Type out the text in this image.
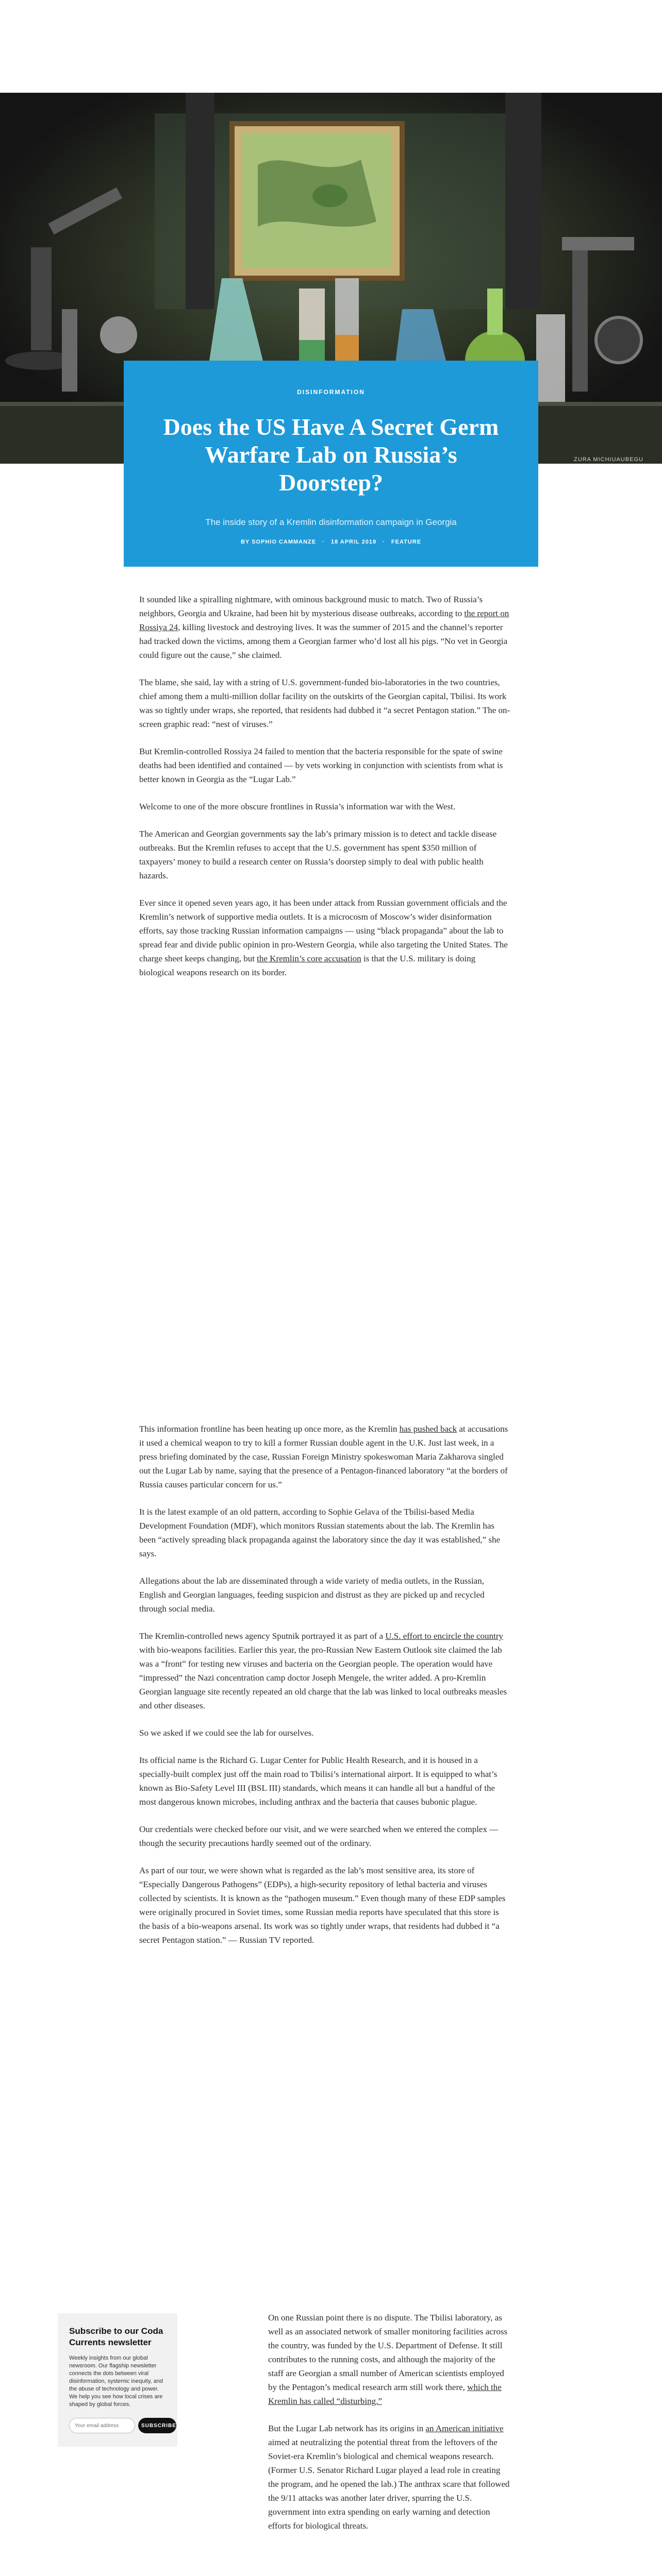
ZURA MICHIUAUBEGU
DISINFORMATION
Does the US Have A Secret Germ Warfare Lab on Russia’s Doorstep?
The inside story of a Kremlin disinformation campaign in Georgia
BY SOPHIO CAMMANZE · 18 APRIL 2018 · FEATURE

It sounded like a spiralling nightmare, with ominous background music to match. Two of Russia’s neighbors, Georgia and Ukraine, had been hit by mysterious disease outbreaks, according to the report on Rossiya 24, killing livestock and destroying lives. It was the summer of 2015 and the channel’s reporter had tracked down the victims, among them a Georgian farmer who’d lost all his pigs. “No vet in Georgia could figure out the cause,” she claimed.

The blame, she said, lay with a string of U.S. government-funded bio-laboratories in the two countries, chief among them a multi-million dollar facility on the outskirts of the Georgian capital, Tbilisi. Its work was so tightly under wraps, she reported, that residents had dubbed it “a secret Pentagon station.” The on-screen graphic read: “nest of viruses.”

But Kremlin-controlled Rossiya 24 failed to mention that the bacteria responsible for the spate of swine deaths had been identified and contained — by vets working in conjunction with scientists from what is better known in Georgia as the “Lugar Lab.”

Welcome to one of the more obscure frontlines in Russia’s information war with the West.

The American and Georgian governments say the lab’s primary mission is to detect and tackle disease outbreaks. But the Kremlin refuses to accept that the U.S. government has spent $350 million of taxpayers’ money to build a research center on Russia’s doorstep simply to deal with public health hazards.

Ever since it opened seven years ago, it has been under attack from Russian government officials and the Kremlin’s network of supportive media outlets. It is a microcosm of Moscow’s wider disinformation efforts, say those tracking Russian information campaigns — using “black propaganda” about the lab to spread fear and divide public opinion in pro-Western Georgia, while also targeting the United States. The charge sheet keeps changing, but the Kremlin’s core accusation is that the U.S. military is doing biological weapons research on its border.

This information frontline has been heating up once more, as the Kremlin has pushed back at accusations it used a chemical weapon to try to kill a former Russian double agent in the U.K. Just last week, in a press briefing dominated by the case, Russian Foreign Ministry spokeswoman Maria Zakharova singled out the Lugar Lab by name, saying that the presence of a Pentagon-financed laboratory “at the borders of Russia causes particular concern for us.”

It is the latest example of an old pattern, according to Sophie Gelava of the Tbilisi-based Media Development Foundation (MDF), which monitors Russian statements about the lab. The Kremlin has been “actively spreading black propaganda against the laboratory since the day it was established,” she says.

Allegations about the lab are disseminated through a wide variety of media outlets, in the Russian, English and Georgian languages, feeding suspicion and distrust as they are picked up and recycled through social media.

The Kremlin-controlled news agency Sputnik portrayed it as part of a U.S. effort to encircle the country with bio-weapons facilities. Earlier this year, the pro-Russian New Eastern Outlook site claimed the lab was a “front” for testing new viruses and bacteria on the Georgian people. The operation would have “impressed” the Nazi concentration camp doctor Joseph Mengele, the writer added. A pro-Kremlin Georgian language site recently repeated an old charge that the lab was linked to local outbreaks measles and other diseases.

So we asked if we could see the lab for ourselves.

Its official name is the Richard G. Lugar Center for Public Health Research, and it is housed in a specially-built complex just off the main road to Tbilisi’s international airport. It is equipped to what’s known as Bio-Safety Level III (BSL III) standards, which means it can handle all but a handful of the most dangerous known microbes, including anthrax and the bacteria that causes bubonic plague.

Our credentials were checked before our visit, and we were searched when we entered the complex — though the security precautions hardly seemed out of the ordinary.

As part of our tour, we were shown what is regarded as the lab’s most sensitive area, its store of “Especially Dangerous Pathogens” (EDPs), a high-security repository of lethal bacteria and viruses collected by scientists. It is known as the “pathogen museum.” Even though many of these EDP samples were originally procured in Soviet times, some Russian media reports have speculated that this store is the basis of a bio-weapons arsenal. Its work was so tightly under wraps, that residents had dubbed it “a secret Pentagon station.” — Russian TV reported.

Subscribe to our Coda Currents newsletter
Weekly insights from our global newsroom. Our flagship newsletter connects the dots between viral disinformation, systemic inequity, and the abuse of technology and power. We help you see how local crises are shaped by global forces.
Your email address
SUBSCRIBE

On one Russian point there is no dispute. The Tbilisi laboratory, as well as an associated network of smaller monitoring facilities across the country, was funded by the U.S. Department of Defense. It still contributes to the running costs, and although the majority of the staff are Georgian a small number of American scientists employed by the Pentagon’s medical research arm still work there, which the Kremlin has called “disturbing.”

But the Lugar Lab network has its origins in an American initiative aimed at neutralizing the potential threat from the leftovers of the Soviet-era Kremlin’s biological and chemical weapons research. (Former U.S. Senator Richard Lugar played a lead role in creating the program, and he opened the lab.) The anthrax scare that followed the 9/11 attacks was another later driver, spurring the U.S. government into extra spending on early warning and detection efforts for biological threats.
